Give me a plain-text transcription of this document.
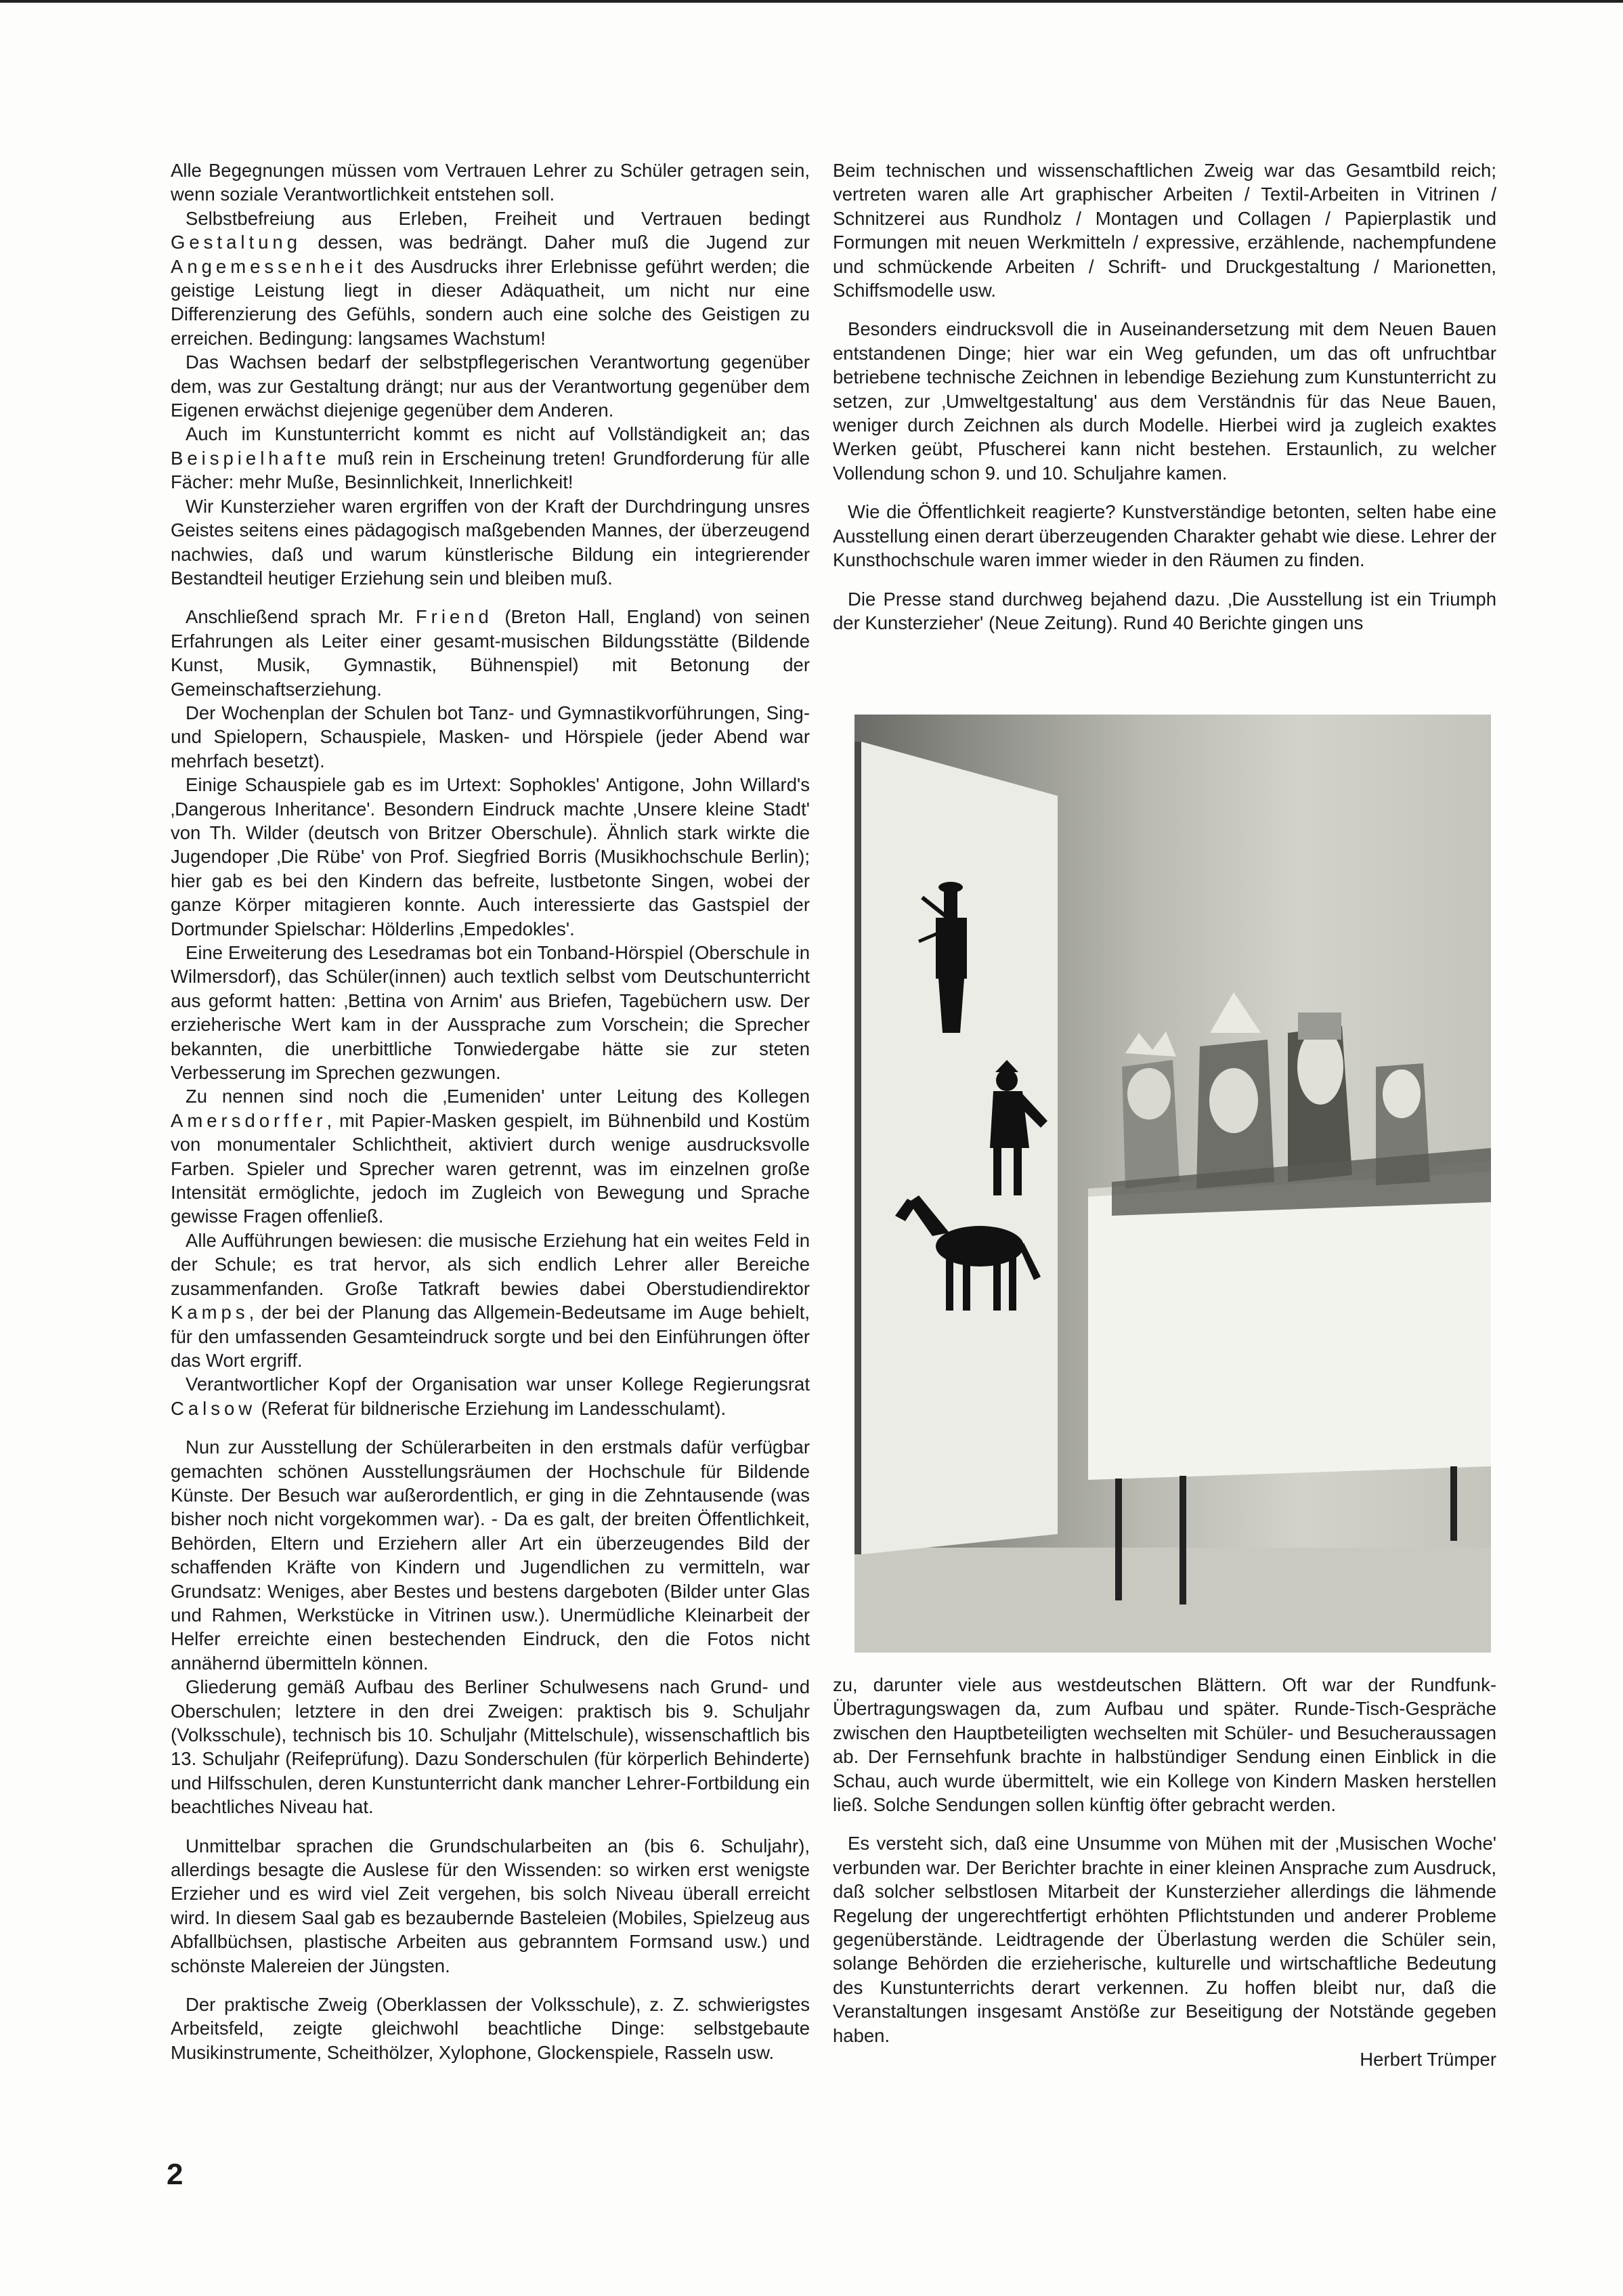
Alle Begegnungen müssen vom Vertrauen Lehrer zu Schüler getragen sein, wenn soziale Verantwortlichkeit entstehen soll.

Selbstbefreiung aus Erleben, Freiheit und Vertrauen bedingt Gestaltung dessen, was bedrängt. Daher muß die Jugend zur Angemessenheit des Ausdrucks ihrer Erlebnisse geführt werden; die geistige Leistung liegt in dieser Adäquatheit, um nicht nur eine Differenzierung des Gefühls, sondern auch eine solche des Geistigen zu erreichen. Bedingung: langsames Wachstum!

Das Wachsen bedarf der selbstpflegerischen Verantwortung gegenüber dem, was zur Gestaltung drängt; nur aus der Verantwortung gegenüber dem Eigenen erwächst diejenige gegenüber dem Anderen.

Auch im Kunstunterricht kommt es nicht auf Vollständigkeit an; das Beispielhafte muß rein in Erscheinung treten! Grundforderung für alle Fächer: mehr Muße, Besinnlichkeit, Innerlichkeit!

Wir Kunsterzieher waren ergriffen von der Kraft der Durchdringung unsres Geistes seitens eines pädagogisch maßgebenden Mannes, der überzeugend nachwies, daß und warum künstlerische Bildung ein integrierender Bestandteil heutiger Erziehung sein und bleiben muß.

Anschließend sprach Mr. Friend (Breton Hall, England) von seinen Erfahrungen als Leiter einer gesamt-musischen Bildungsstätte (Bildende Kunst, Musik, Gymnastik, Bühnenspiel) mit Betonung der Gemeinschaftserziehung.

Der Wochenplan der Schulen bot Tanz- und Gymnastikvorführungen, Sing- und Spielopern, Schauspiele, Masken- und Hörspiele (jeder Abend war mehrfach besetzt).

Einige Schauspiele gab es im Urtext: Sophokles' Antigone, John Willard's ‚Dangerous Inheritance'. Besondern Eindruck machte ‚Unsere kleine Stadt' von Th. Wilder (deutsch von Britzer Oberschule). Ähnlich stark wirkte die Jugendoper ‚Die Rübe' von Prof. Siegfried Borris (Musikhochschule Berlin); hier gab es bei den Kindern das befreite, lustbetonte Singen, wobei der ganze Körper mitagieren konnte. Auch interessierte das Gastspiel der Dortmunder Spielschar: Hölderlins ‚Empedokles'.

Eine Erweiterung des Lesedramas bot ein Tonband-Hörspiel (Oberschule in Wilmersdorf), das Schüler(innen) auch textlich selbst vom Deutschunterricht aus geformt hatten: ‚Bettina von Arnim' aus Briefen, Tagebüchern usw. Der erzieherische Wert kam in der Aussprache zum Vorschein; die Sprecher bekannten, die unerbittliche Tonwiedergabe hätte sie zur steten Verbesserung im Sprechen gezwungen.

Zu nennen sind noch die ‚Eumeniden' unter Leitung des Kollegen Amersdorffer, mit Papier-Masken gespielt, im Bühnenbild und Kostüm von monumentaler Schlichtheit, aktiviert durch wenige ausdrucksvolle Farben. Spieler und Sprecher waren getrennt, was im einzelnen große Intensität ermöglichte, jedoch im Zugleich von Bewegung und Sprache gewisse Fragen offenließ.

Alle Aufführungen bewiesen: die musische Erziehung hat ein weites Feld in der Schule; es trat hervor, als sich endlich Lehrer aller Bereiche zusammenfanden. Große Tatkraft bewies dabei Oberstudiendirektor Kamps, der bei der Planung das Allgemein-Bedeutsame im Auge behielt, für den umfassenden Gesamteindruck sorgte und bei den Einführungen öfter das Wort ergriff.

Verantwortlicher Kopf der Organisation war unser Kollege Regierungsrat Calsow (Referat für bildnerische Erziehung im Landesschulamt).

Nun zur Ausstellung der Schülerarbeiten in den erstmals dafür verfügbar gemachten schönen Ausstellungsräumen der Hochschule für Bildende Künste. Der Besuch war außerordentlich, er ging in die Zehntausende (was bisher noch nicht vorgekommen war). - Da es galt, der breiten Öffentlichkeit, Behörden, Eltern und Erziehern aller Art ein überzeugendes Bild der schaffenden Kräfte von Kindern und Jugendlichen zu vermitteln, war Grundsatz: Weniges, aber Bestes und bestens dargeboten (Bilder unter Glas und Rahmen, Werkstücke in Vitrinen usw.). Unermüdliche Kleinarbeit der Helfer erreichte einen bestechenden Eindruck, den die Fotos nicht annähernd übermitteln können.

Gliederung gemäß Aufbau des Berliner Schulwesens nach Grund- und Oberschulen; letztere in den drei Zweigen: praktisch bis 9. Schuljahr (Volksschule), technisch bis 10. Schuljahr (Mittelschule), wissenschaftlich bis 13. Schuljahr (Reifeprüfung). Dazu Sonderschulen (für körperlich Behinderte) und Hilfsschulen, deren Kunstunterricht dank mancher Lehrer-Fortbildung ein beachtliches Niveau hat.

Unmittelbar sprachen die Grundschularbeiten an (bis 6. Schuljahr), allerdings besagte die Auslese für den Wissenden: so wirken erst wenigste Erzieher und es wird viel Zeit vergehen, bis solch Niveau überall erreicht wird. In diesem Saal gab es bezaubernde Basteleien (Mobiles, Spielzeug aus Abfallbüchsen, plastische Arbeiten aus gebranntem Formsand usw.) und schönste Malereien der Jüngsten.

Der praktische Zweig (Oberklassen der Volksschule), z. Z. schwierigstes Arbeitsfeld, zeigte gleichwohl beachtliche Dinge: selbstgebaute Musikinstrumente, Scheithölzer, Xylophone, Glockenspiele, Rasseln usw.

Beim technischen und wissenschaftlichen Zweig war das Gesamtbild reich; vertreten waren alle Art graphischer Arbeiten / Textil-Arbeiten in Vitrinen / Schnitzerei aus Rundholz / Montagen und Collagen / Papierplastik und Formungen mit neuen Werkmitteln / expressive, erzählende, nachempfundene und schmückende Arbeiten / Schrift- und Druckgestaltung / Marionetten, Schiffsmodelle usw.

Besonders eindrucksvoll die in Auseinandersetzung mit dem Neuen Bauen entstandenen Dinge; hier war ein Weg gefunden, um das oft unfruchtbar betriebene technische Zeichnen in lebendige Beziehung zum Kunstunterricht zu setzen, zur ‚Umweltgestaltung' aus dem Verständnis für das Neue Bauen, weniger durch Zeichnen als durch Modelle. Hierbei wird ja zugleich exaktes Werken geübt, Pfuscherei kann nicht bestehen. Erstaunlich, zu welcher Vollendung schon 9. und 10. Schuljahre kamen.

Wie die Öffentlichkeit reagierte? Kunstverständige betonten, selten habe eine Ausstellung einen derart überzeugenden Charakter gehabt wie diese. Lehrer der Kunsthochschule waren immer wieder in den Räumen zu finden.

Die Presse stand durchweg bejahend dazu. ‚Die Ausstellung ist ein Triumph der Kunsterzieher' (Neue Zeitung). Rund 40 Berichte gingen uns

zu, darunter viele aus westdeutschen Blättern. Oft war der Rundfunk-Übertragungswagen da, zum Aufbau und später. Runde-Tisch-Gespräche zwischen den Hauptbeteiligten wechselten mit Schüler- und Besucheraussagen ab. Der Fernsehfunk brachte in halbstündiger Sendung einen Einblick in die Schau, auch wurde übermittelt, wie ein Kollege von Kindern Masken herstellen ließ. Solche Sendungen sollen künftig öfter gebracht werden.

Es versteht sich, daß eine Unsumme von Mühen mit der ‚Musischen Woche' verbunden war. Der Berichter brachte in einer kleinen Ansprache zum Ausdruck, daß solcher selbstlosen Mitarbeit der Kunsterzieher allerdings die lähmende Regelung der ungerechtfertigt erhöhten Pflichtstunden und anderer Probleme gegenüberstände. Leidtragende der Überlastung werden die Schüler sein, solange Behörden die erzieherische, kulturelle und wirtschaftliche Bedeutung des Kunstunterrichts derart verkennen. Zu hoffen bleibt nur, daß die Veranstaltungen insgesamt Anstöße zur Beseitigung der Notstände gegeben haben.

Herbert Trümper

2
